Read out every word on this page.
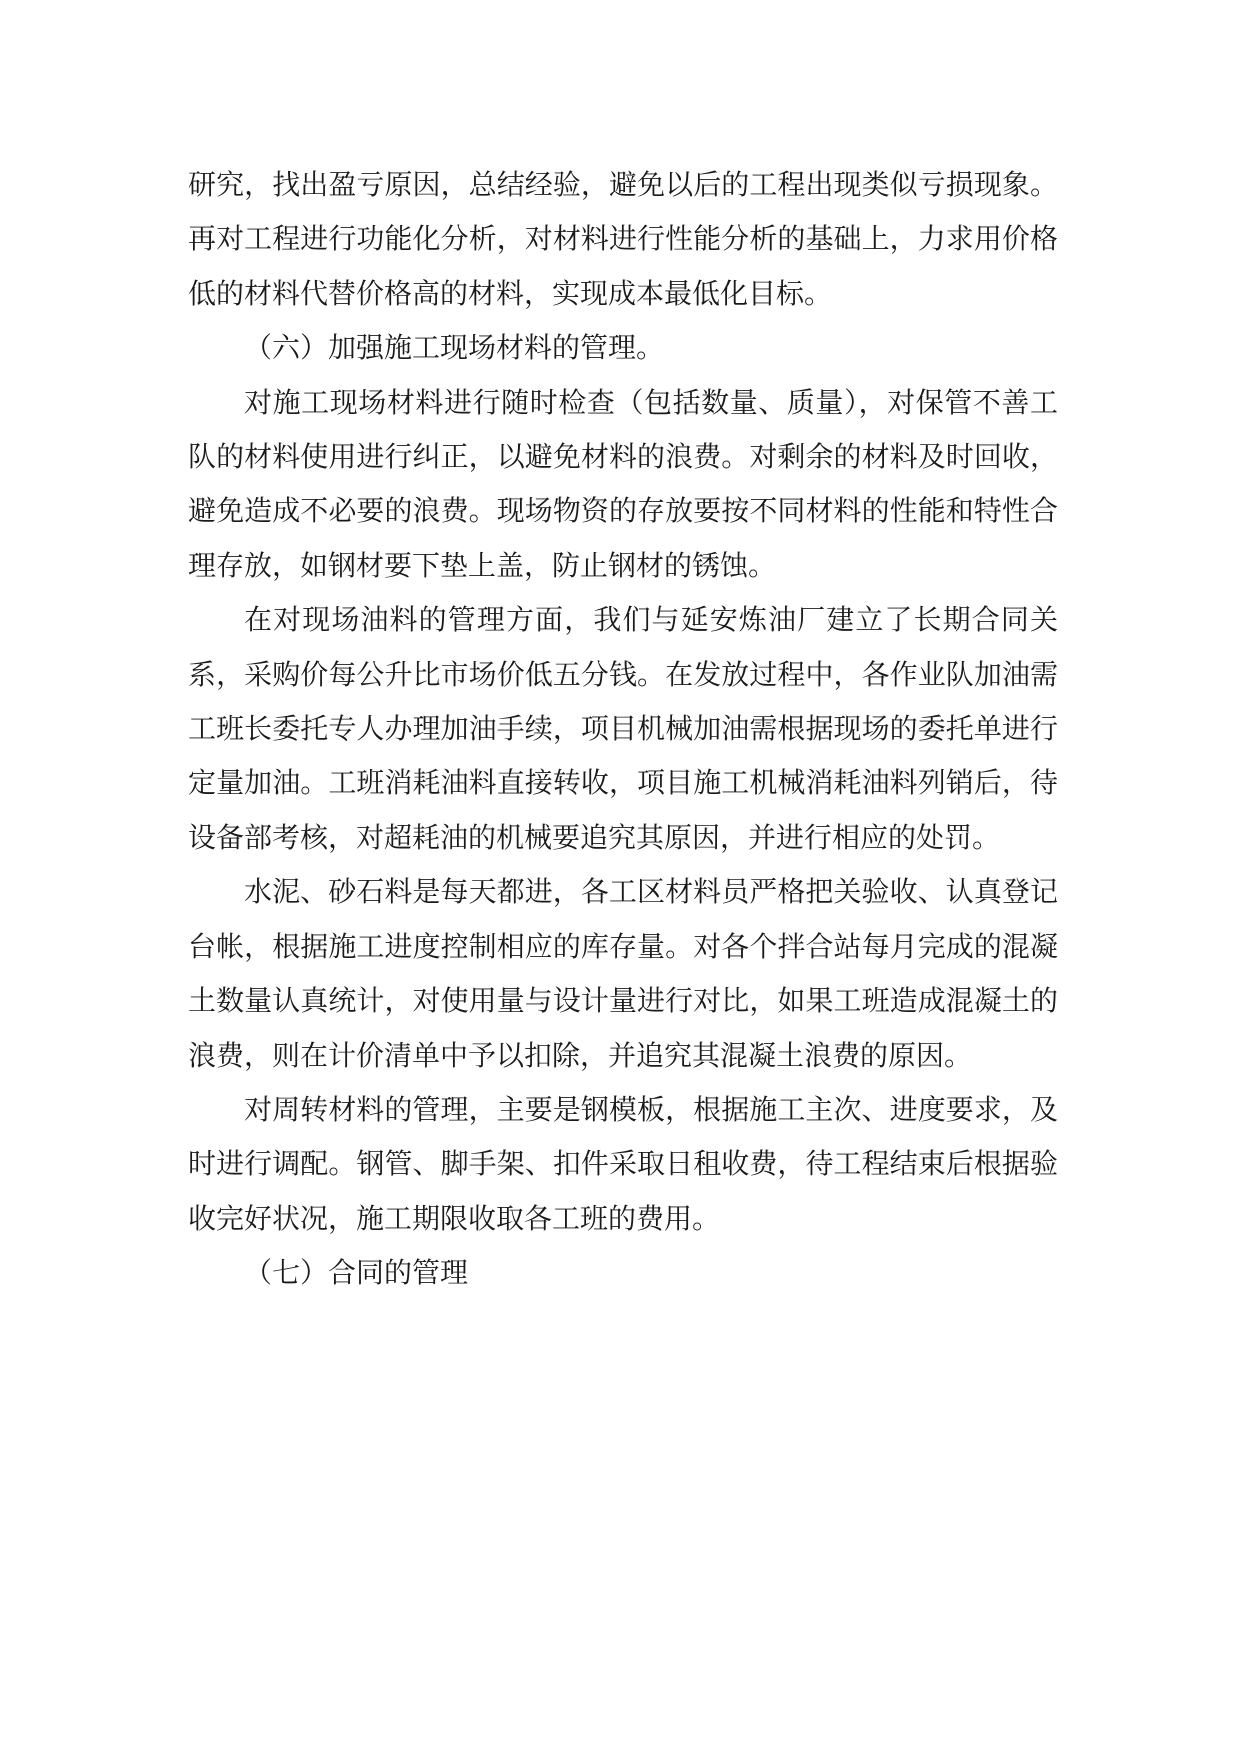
研究，找出盈亏原因，总结经验，避免以后的工程出现类似亏损现象。再对工程进行功能化分析，对材料进行性能分析的基础上，力求用价格低的材料代替价格高的材料，实现成本最低化目标。

（六）加强施工现场材料的管理。

对施工现场材料进行随时检查（包括数量、质量），对保管不善工队的材料使用进行纠正，以避免材料的浪费。对剩余的材料及时回收，避免造成不必要的浪费。现场物资的存放要按不同材料的性能和特性合理存放，如钢材要下垫上盖，防止钢材的锈蚀。

在对现场油料的管理方面，我们与延安炼油厂建立了长期合同关系，采购价每公升比市场价低五分钱。在发放过程中，各作业队加油需工班长委托专人办理加油手续，项目机械加油需根据现场的委托单进行定量加油。工班消耗油料直接转收，项目施工机械消耗油料列销后，待设备部考核，对超耗油的机械要追究其原因，并进行相应的处罚。

水泥、砂石料是每天都进，各工区材料员严格把关验收、认真登记台帐，根据施工进度控制相应的库存量。对各个拌合站每月完成的混凝土数量认真统计，对使用量与设计量进行对比，如果工班造成混凝土的浪费，则在计价清单中予以扣除，并追究其混凝土浪费的原因。

对周转材料的管理，主要是钢模板，根据施工主次、进度要求，及时进行调配。钢管、脚手架、扣件采取日租收费，待工程结束后根据验收完好状况，施工期限收取各工班的费用。

（七）合同的管理
